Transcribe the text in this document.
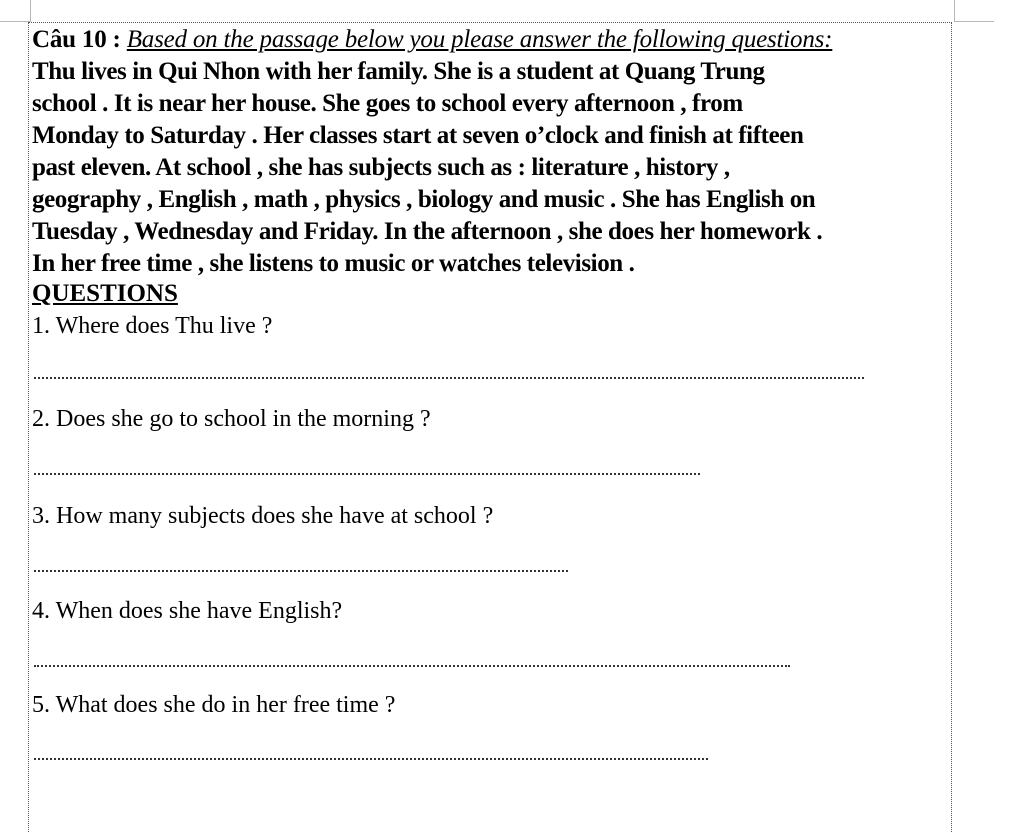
Câu 10 : Based on the passage below you please answer the following questions:
Thu lives in Qui Nhon with her family. She is a student at Quang Trung
school . It is near her house. She goes to school every afternoon , from
Monday to Saturday . Her classes start at seven o’clock and finish at fifteen
past eleven. At school , she has subjects such as : literature , history ,
geography , English , math , physics , biology and music . She has English on
Tuesday , Wednesday and Friday. In the afternoon , she does her homework .
In her free time , she listens to music or watches television .
QUESTIONS
1. Where does Thu live ?
2. Does she go to school in the morning ?
3. How many subjects does she have at school ?
4. When does she have English?
5. What does she do in her free time ?
